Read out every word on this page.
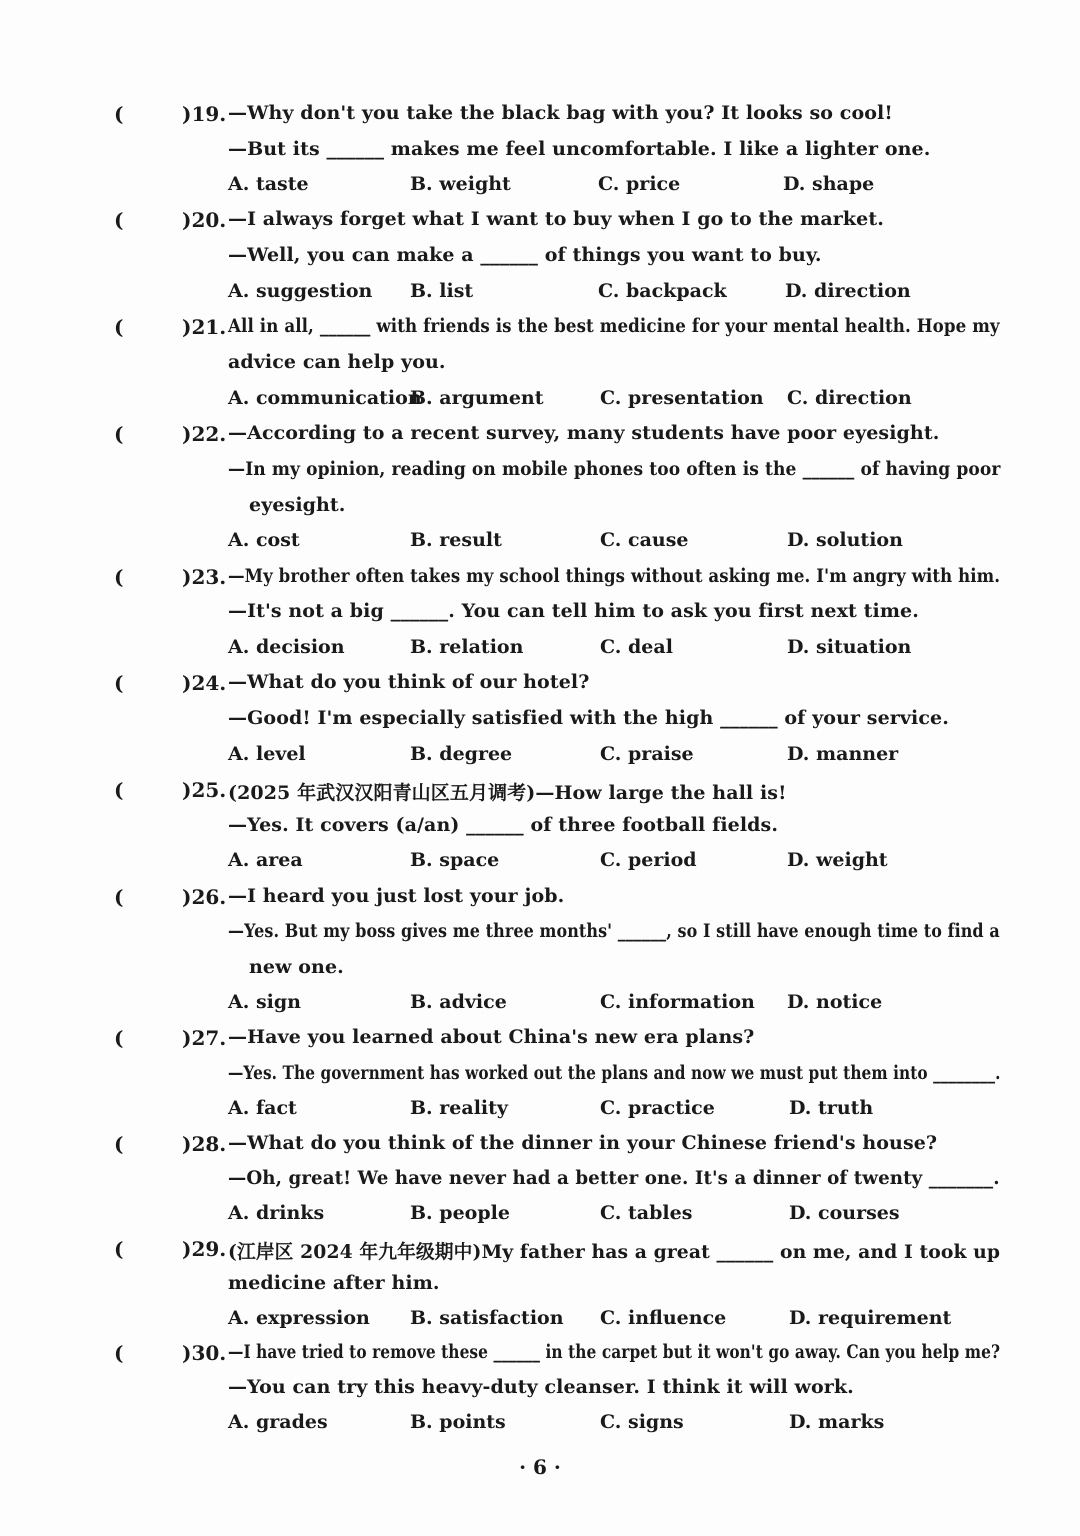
(	)19. —Why don't you take the black bag with you? It looks so cool!
—But its ______ makes me feel uncomfortable. I like a lighter one.
A. taste	B. weight	C. price	D. shape
(	)20. —I always forget what I want to buy when I go to the market.
—Well, you can make a ______ of things you want to buy.
A. suggestion B. list	C. backpack	D. direction
(	)21. All in all, ______ with friends is the best medicine for your mental health. Hope my
advice can help you.
A. communication
B. argument	C. presentation C. direction
(	)22. —According to a recent survey, many students have poor eyesight.
—In my opinion, reading on mobile phones too often is the ______ of having poor
eyesight.
A. cost	B. result	C. cause	D. solution
(	)23. —My brother often takes my school things without asking me. I'm angry with him.
—It's not a big ______. You can tell him to ask you first next time.
A. decision	B. relation	C. deal	D. situation
(	)24. —What do you think of our hotel?
—Good! I'm especially satisfied with the high ______ of your service.
A. level	B. degree	C. praise	D. manner
(	)25. (2025 年武汉汉阳青山区五月调考)—How large the hall is!
—Yes. It covers (a/an) ______ of three football fields.
A. area	B. space	C. period	D. weight
(	)26. —I heard you just lost your job.
—Yes. But my boss gives me three months' ______, so I still have enough time to find a
new one.
A. sign	B. advice	C. information D. notice
(	)27. —Have you learned about China's new era plans?
—Yes. The government has worked out the plans and now we must put them into ________.
A. fact	B. reality	C. practice	D. truth
(	)28. —What do you think of the dinner in your Chinese friend's house?
—Oh, great! We have never had a better one. It's a dinner of twenty _______.
A. drinks	B. people	C. tables	D. courses
(	)29. (江岸区 2024 年九年级期中)My father has a great ______ on me, and I took up
medicine after him.
A. expression B. satisfaction C. influence	D. requirement
(	)30. —I have tried to remove these ______ in the carpet but it won't go away. Can you help me?
—You can try this heavy-duty cleanser. I think it will work.
A. grades	B. points	C. signs	D. marks
· 6 ·
